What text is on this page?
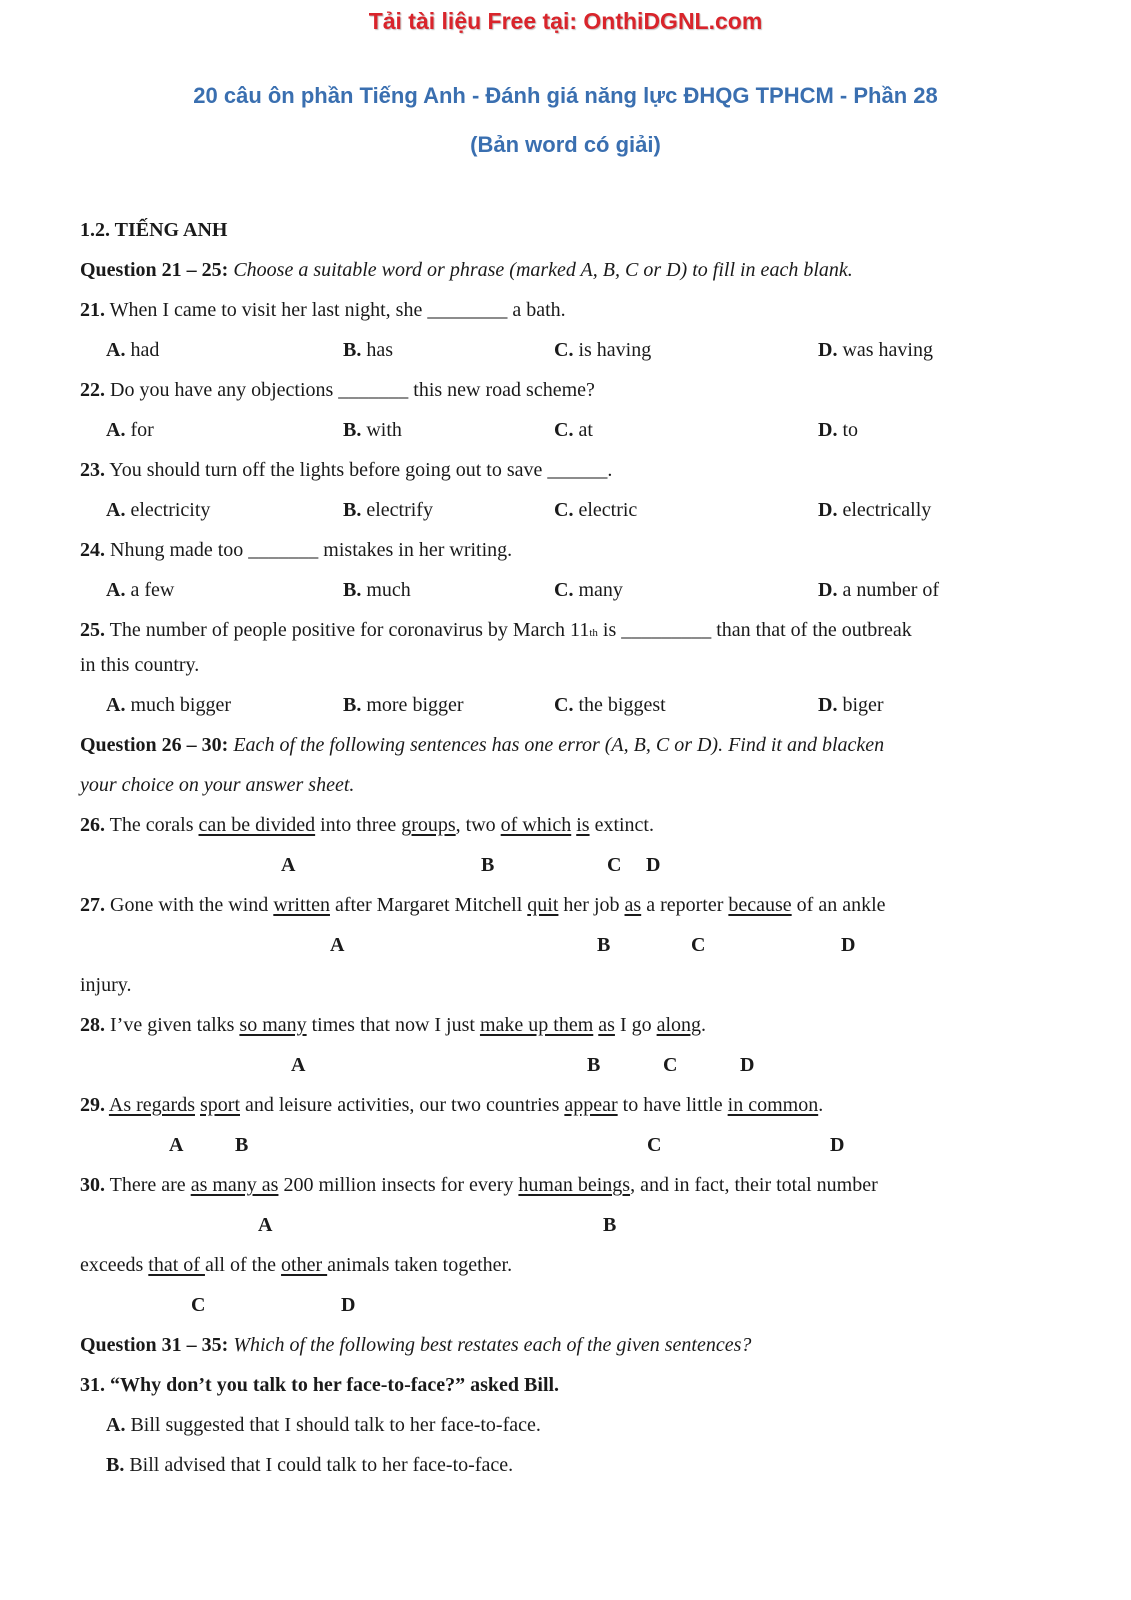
Tải tài liệu Free tại: OnthiDGNL.com
20 câu ôn phần Tiếng Anh - Đánh giá năng lực ĐHQG TPHCM - Phần 28
(Bản word có giải)
1.2. TIẾNG ANH
Question 21 – 25: Choose a suitable word or phrase (marked A, B, C or D) to fill in each blank.
21. When I came to visit her last night, she ________ a bath.
A. had	B. has	C. is having	D. was having
22. Do you have any objections _______ this new road scheme?
A. for	B. with	C. at	D. to
23. You should turn off the lights before going out to save ______.
A. electricity	B. electrify	C. electric	D. electrically
24. Nhung made too _______ mistakes in her writing.
A. a few	B. much	C. many	D. a number of
25. The number of people positive for coronavirus by March 11th is _________ than that of the outbreak
in this country.
A. much bigger	B. more bigger	C. the biggest	D. biger
Question 26 – 30: Each of the following sentences has one error (A, B, C or D). Find it and blacken
your choice on your answer sheet.
26. The corals can be divided into three groups, two of which is extinct.
A	B	C D
27. Gone with the wind written after Margaret Mitchell quit her job as a reporter because of an ankle
A	B	C	D
injury.
28. I’ve given talks so many times that now I just make up them as I go along.
A	B	C	D
29. As regards sport and leisure activities, our two countries appear to have little in common.
A	B	C	D
30. There are as many as 200 million insects for every human beings, and in fact, their total number
A	B
exceeds that of all of the other animals taken together.
C	D
Question 31 – 35: Which of the following best restates each of the given sentences?
31. “Why don’t you talk to her face-to-face?” asked Bill.
A. Bill suggested that I should talk to her face-to-face.
B. Bill advised that I could talk to her face-to-face.
